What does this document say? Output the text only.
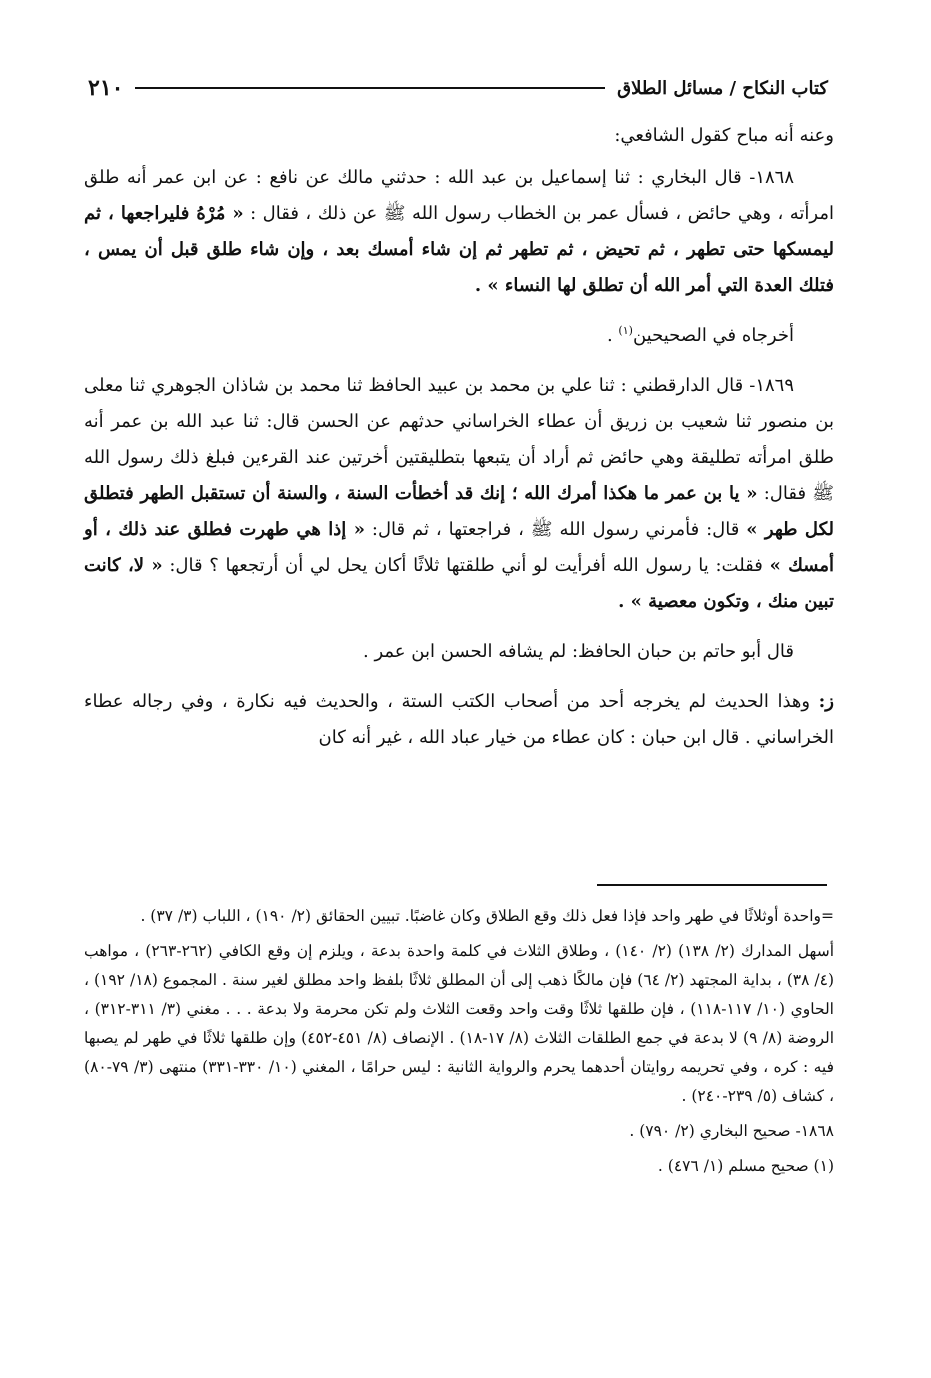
كتاب النكاح / مسائل الطلاق
٢١٠

وعنه أنه مباح كقول الشافعي:

١٨٦٨- قال البخاري : ثنا إسماعيل بن عبد الله : حدثني مالك عن نافع : عن ابن عمر أنه طلق امرأته ، وهي حائض ، فسأل عمر بن الخطاب رسول الله ﷺ عن ذلك ، فقال : « مُرْهُ فليراجعها ، ثم ليمسكها حتى تطهر ، ثم تحيض ، ثم تطهر ثم إن شاء أمسك بعد ، وإن شاء طلق قبل أن يمس ، فتلك العدة التي أمر الله أن تطلق لها النساء » .

أخرجاه في الصحيحين$^{(١)}$ .

١٨٦٩- قال الدارقطني : ثنا علي بن محمد بن عبيد الحافظ ثنا محمد بن شاذان الجوهري ثنا معلى بن منصور ثنا شعيب بن زريق أن عطاء الخراساني حدثهم عن الحسن قال: ثنا عبد الله بن عمر أنه طلق امرأته تطليقة وهي حائض ثم أراد أن يتبعها بتطليقتين أخرتين عند القرءين فبلغ ذلك رسول الله ﷺ فقال: « يا بن عمر ما هكذا أمرك الله ؛ إنك قد أخطأت السنة ، والسنة أن تستقبل الطهر فتطلق لكل طهر » قال: فأمرني رسول الله ﷺ ، فراجعتها ، ثم قال: « إذا هي طهرت فطلق عند ذلك ، أو أمسك » فقلت: يا رسول الله أفرأيت لو أني طلقتها ثلاثًا أكان يحل لي أن أرتجعها ؟ قال: « لا، كانت تبين منك ، وتكون معصية » .

قال أبو حاتم بن حبان الحافظ: لم يشافه الحسن ابن عمر .

ز: وهذا الحديث لم يخرجه أحد من أصحاب الكتب الستة ، والحديث فيه نكارة ، وفي رجاله عطاء الخراساني . قال ابن حبان : كان عطاء من خيار عباد الله ، غير أنه كان

=واحدة أوثلاثًا في طهر واحد فإذا فعل ذلك وقع الطلاق وكان غاضبًا. تبيين الحقائق (٢/ ١٩٠) ، اللباب (٣/ ٣٧) .

أسهل المدارك (٢/ ١٣٨) (٢/ ١٤٠) ، وطلاق الثلاث في كلمة واحدة بدعة ، ويلزم إن وقع الكافي (٢٦٢-٢٦٣) ، مواهب (٤/ ٣٨) ، بداية المجتهد (٢/ ٦٤) فإن مالكًا ذهب إلى أن المطلق ثلاثًا بلفظ واحد مطلق لغير سنة . المجموع (١٨/ ١٩٢) ، الحاوي (١٠/ ١١٧-١١٨) ، فإن طلقها ثلاثًا وقت واحد وقعت الثلاث ولم تكن محرمة ولا بدعة . . . مغني (٣/ ٣١١-٣١٢) ، الروضة (٨/ ٩) لا بدعة في جمع الطلقات الثلاث (٨/ ١٧-١٨) . الإنصاف (٨/ ٤٥١-٤٥٢) وإن طلقها ثلاثًا في طهر لم يصبها فيه : كره ، وفي تحريمه روايتان أحدهما يحرم والرواية الثانية : ليس حرامًا ، المغني (١٠/ ٣٣٠-٣٣١) منتهى (٣/ ٧٩-٨٠) ، كشاف (٥/ ٢٣٩-٢٤٠) .

١٨٦٨- صحيح البخاري (٢/ ٧٩٠) .

(١) صحيح مسلم (١/ ٤٧٦) .
